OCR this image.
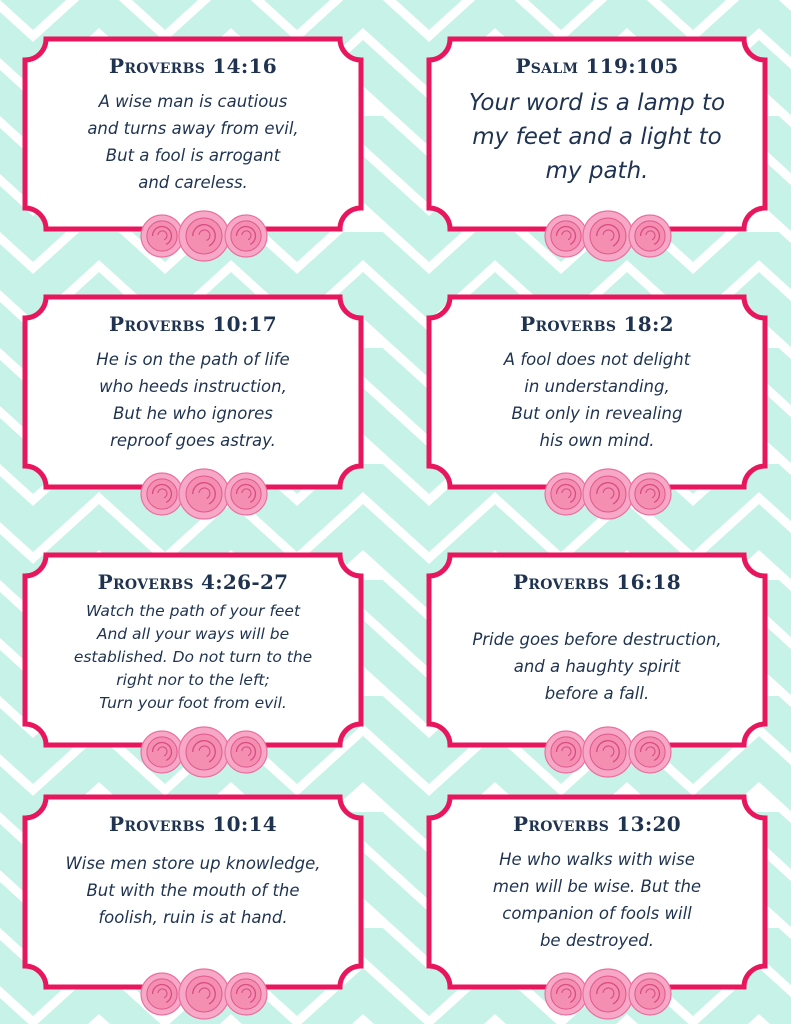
Proverbs 14:16
A wise man is cautious
and turns away from evil,
But a fool is arrogant
and careless.
Psalm 119:105
Your word is a lamp to
my feet and a light to
my path.
Proverbs 10:17
He is on the path of life
who heeds instruction,
But he who ignores
reproof goes astray.
Proverbs 18:2
A fool does not delight
in understanding,
But only in revealing
his own mind.
Proverbs 4:26-27
Watch the path of your feet
And all your ways will be
established. Do not turn to the
right nor to the left;
Turn your foot from evil.
Proverbs 16:18
Pride goes before destruction,
and a haughty spirit
before a fall.
Proverbs 10:14
Wise men store up knowledge,
But with the mouth of the
foolish, ruin is at hand.
Proverbs 13:20
He who walks with wise
men will be wise. But the
companion of fools will
be destroyed.
